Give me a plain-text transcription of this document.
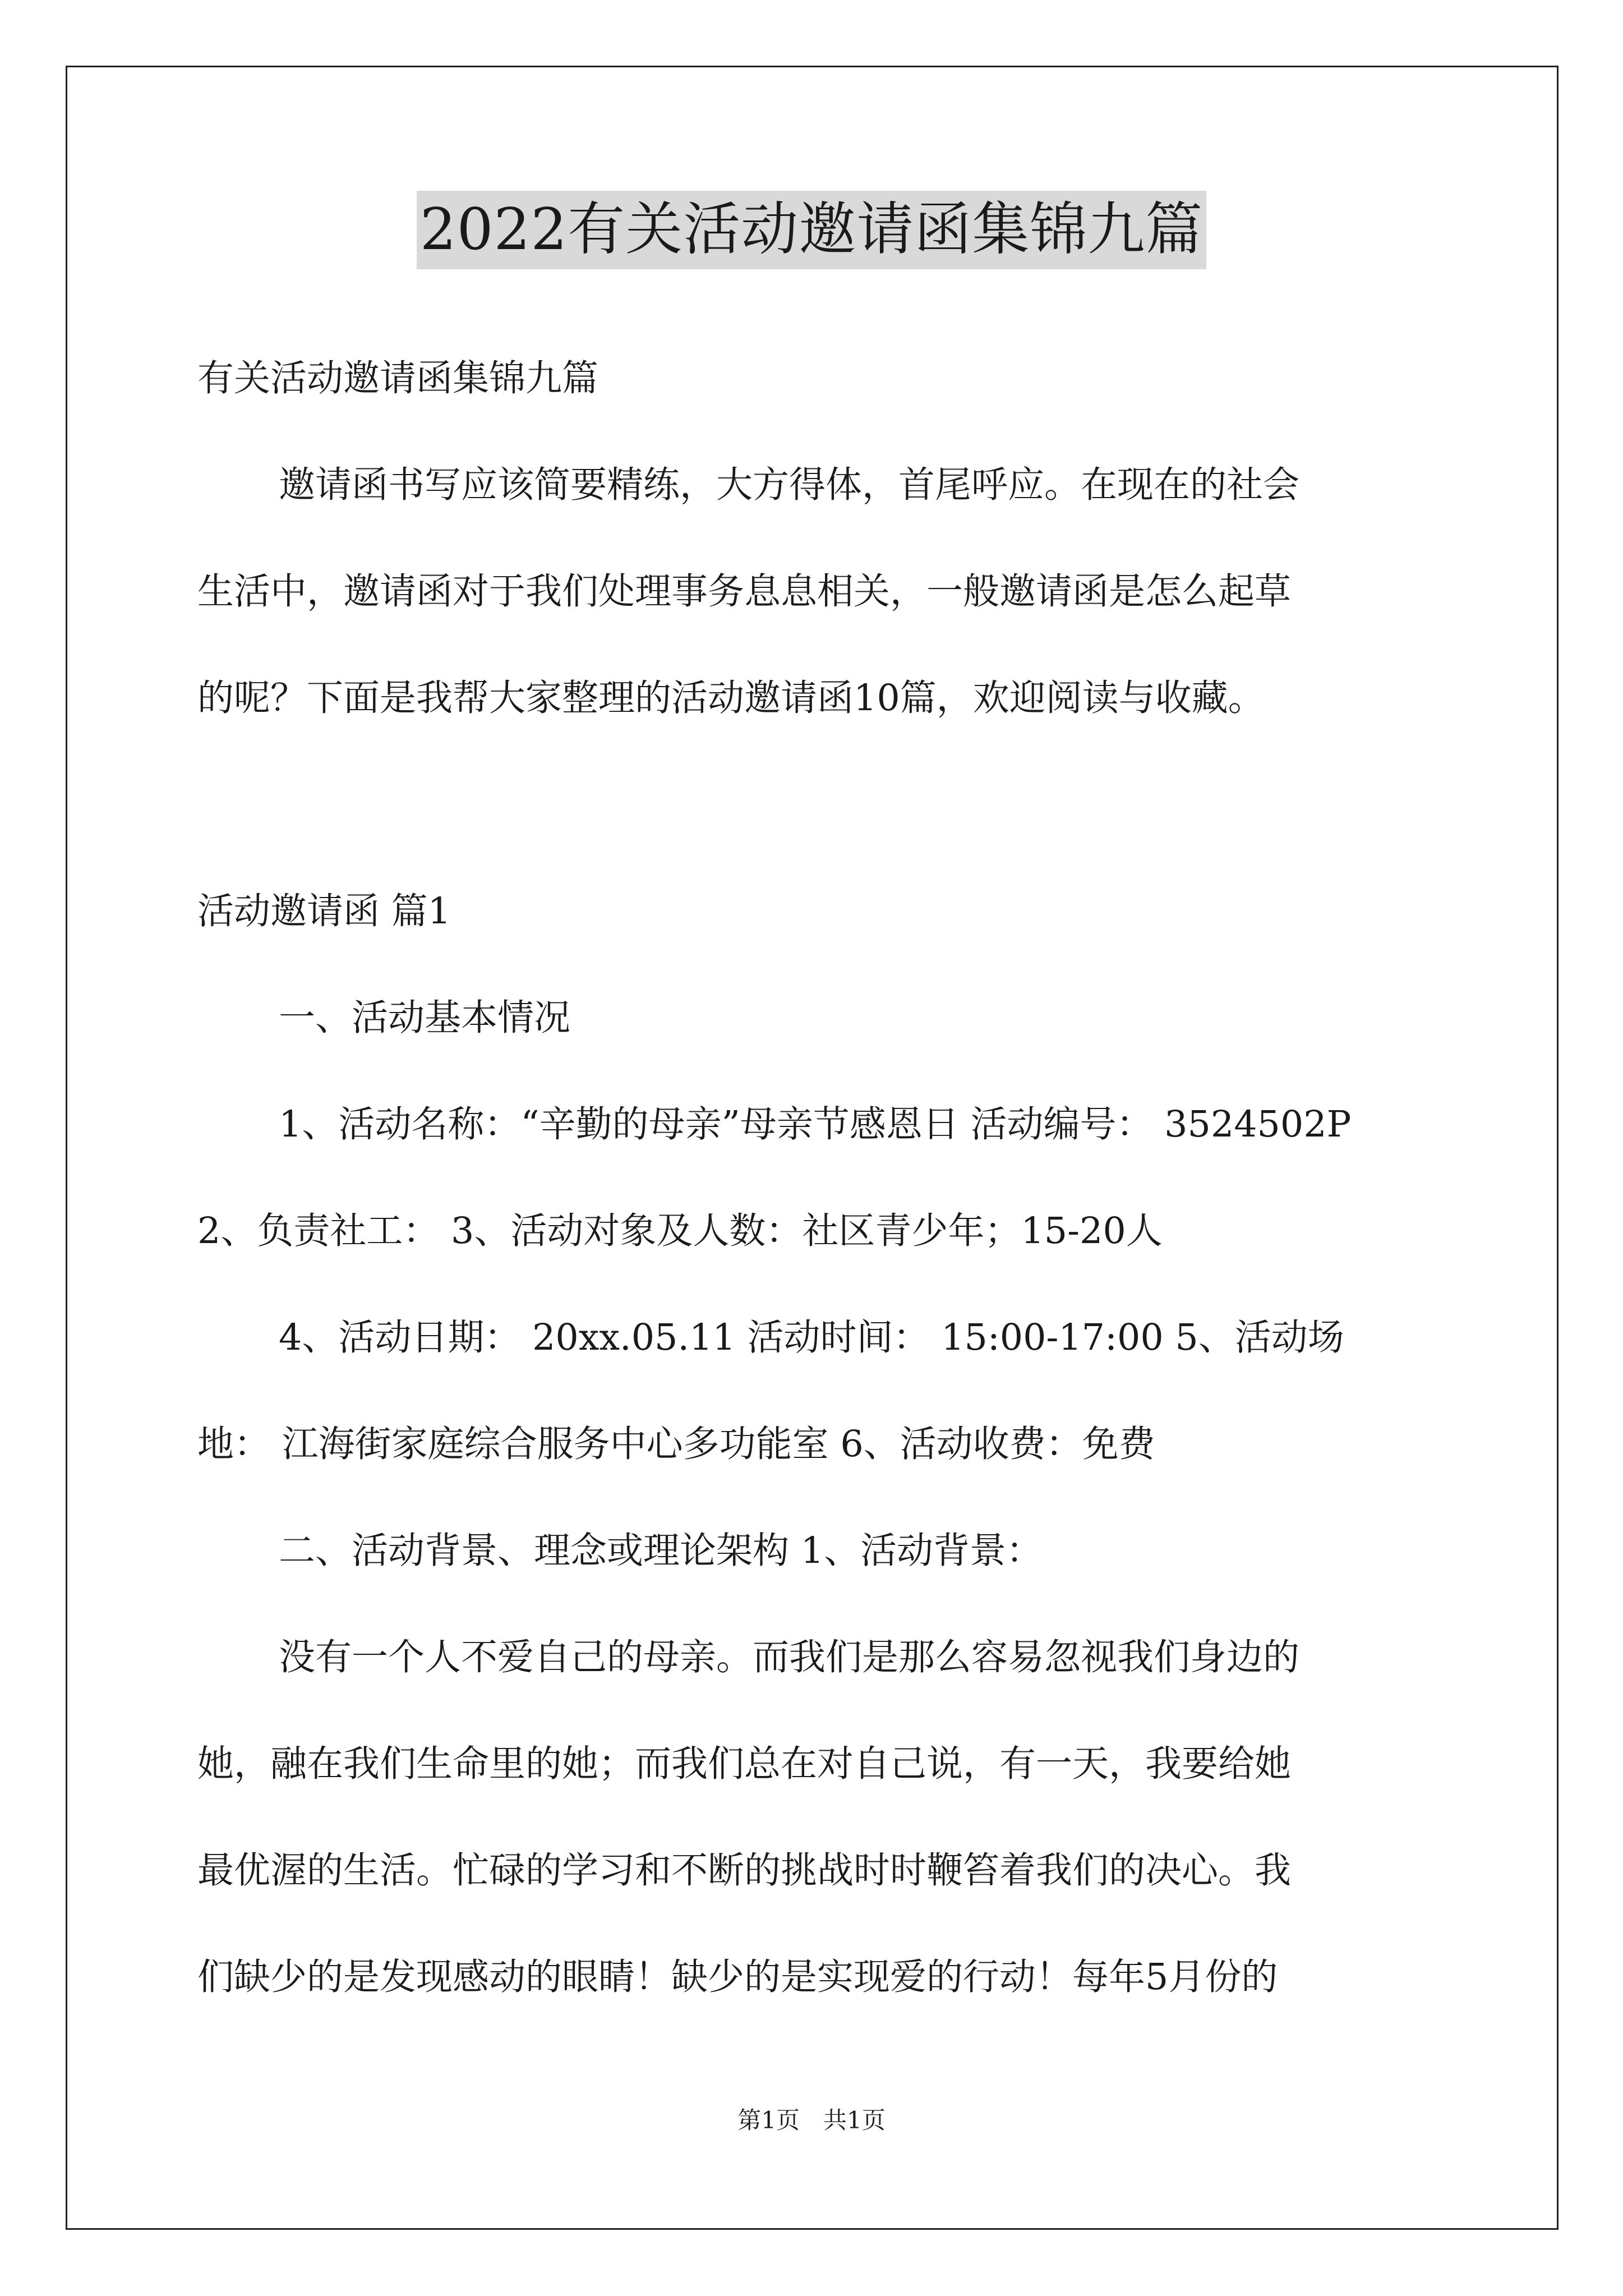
2022有关活动邀请函集锦九篇
有关活动邀请函集锦九篇
邀请函书写应该简要精练，大方得体，首尾呼应。在现在的社会
生活中，邀请函对于我们处理事务息息相关，一般邀请函是怎么起草
的呢？下面是我帮大家整理的活动邀请函10篇，欢迎阅读与收藏。
活动邀请函 篇1
一、活动基本情况
1、活动名称：“辛勤的母亲”母亲节感恩日 活动编号： 3524502P
2、负责社工： 3、活动对象及人数：社区青少年；15-20人
4、活动日期： 20xx.05.11 活动时间： 15:00-17:00 5、活动场
地： 江海街家庭综合服务中心多功能室 6、活动收费：免费
二、活动背景、理念或理论架构 1、活动背景：
没有一个人不爱自己的母亲。而我们是那么容易忽视我们身边的
她，融在我们生命里的她；而我们总在对自己说，有一天，我要给她
最优渥的生活。忙碌的学习和不断的挑战时时鞭笞着我们的决心。我
们缺少的是发现感动的眼睛！缺少的是实现爱的行动！每年5月份的
第1页　共1页
